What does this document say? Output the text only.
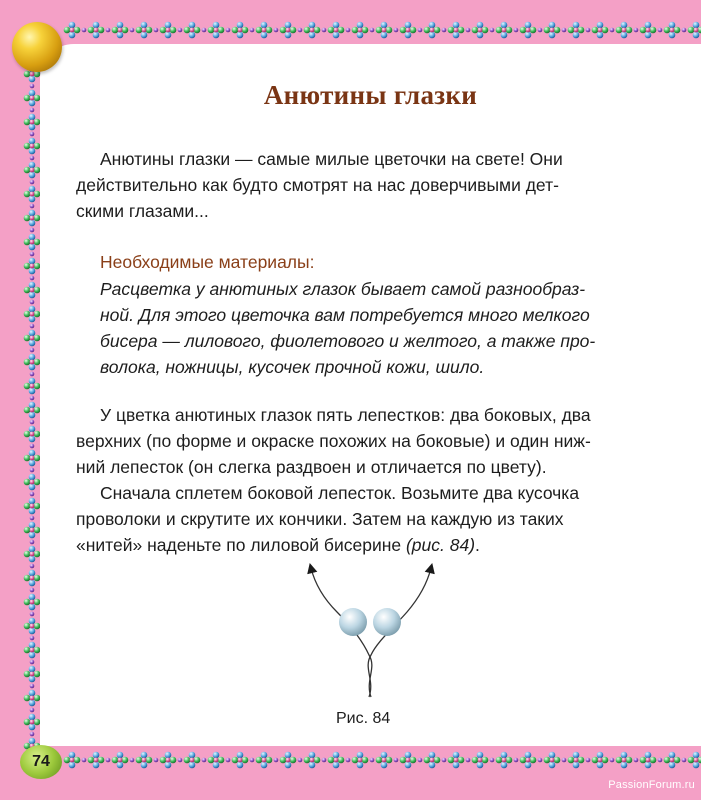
Анютины глазки
Анютины глазки — самые милые цветочки на свете! Они
действительно как будто смотрят на нас доверчивыми дет-
скими глазами...
Необходимые материалы:
Расцветка у анютиных глазок бывает самой разнообраз-
ной. Для этого цветочка вам потребуется много мелкого
бисера — лилового, фиолетового и желтого, а также про-
волока, ножницы, кусочек прочной кожи, шило.
У цветка анютиных глазок пять лепестков: два боковых, два
верхних (по форме и окраске похожих на боковые) и один ниж-
ний лепесток (он слегка раздвоен и отличается по цвету).
Сначала сплетем боковой лепесток. Возьмите два кусочка
проволоки и скрутите их кончики. Затем на каждую из таких
«нитей» наденьте по лиловой бисерине (рис. 84).
Рис. 84
74
PassionForum.ru
